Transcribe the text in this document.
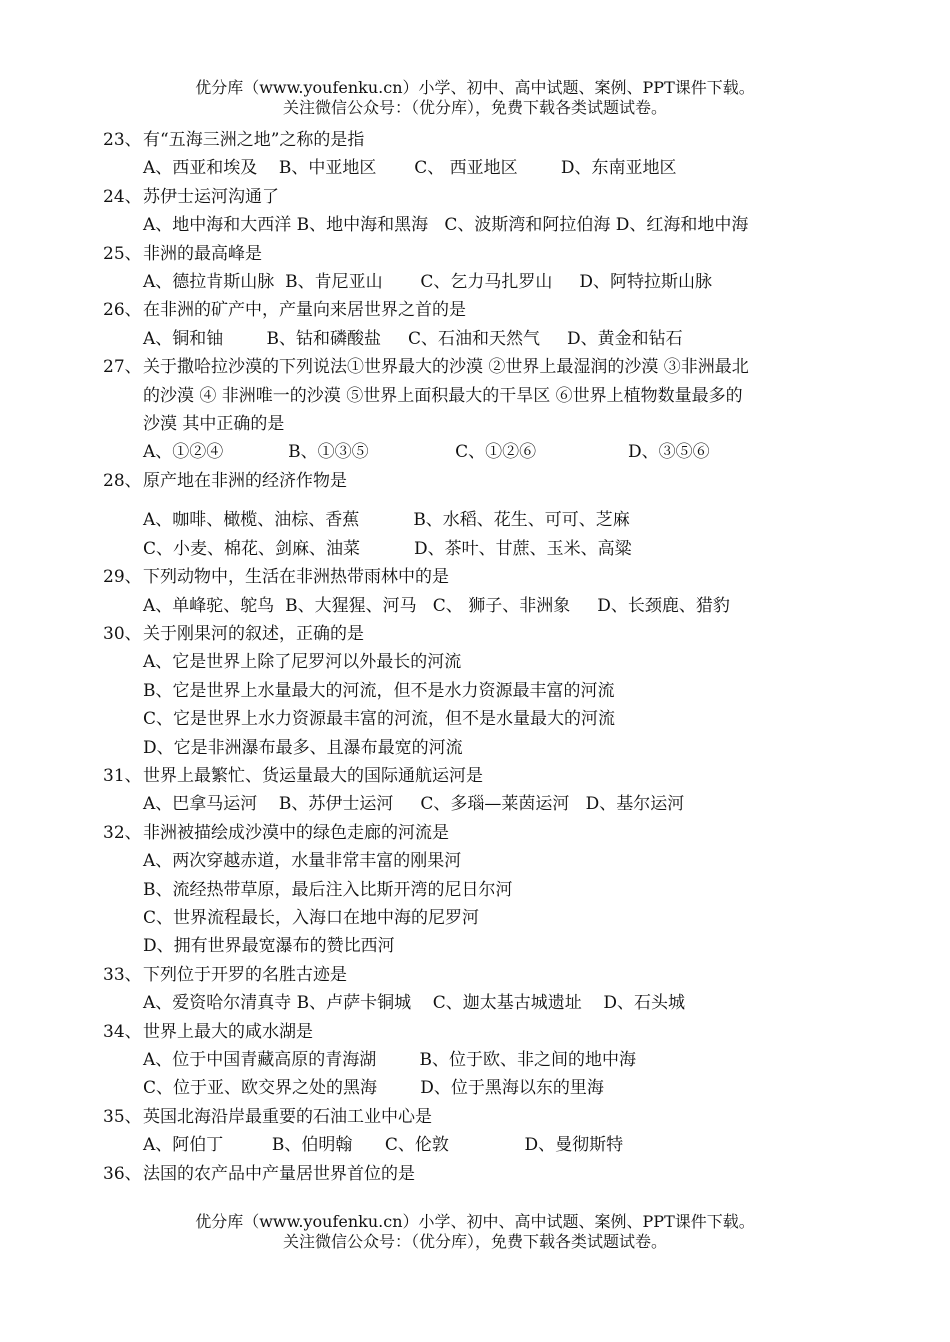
优分库（www.youfenku.cn）小学、初中、高中试题、案例、PPT课件下载。
关注微信公众号：（优分库），免费下载各类试题试卷。
23、 有“五海三洲之地”之称的是指
A、西亚和埃及    B、中亚地区       C、 西亚地区        D、东南亚地区
24、 苏伊士运河沟通了
A、地中海和大西洋 B、地中海和黑海   C、波斯湾和阿拉伯海 D、红海和地中海
25、 非洲的最高峰是
A、德拉肯斯山脉  B、肯尼亚山       C、乞力马扎罗山     D、阿特拉斯山脉
26、 在非洲的矿产中，产量向来居世界之首的是
A、铜和铀        B、钴和磷酸盐     C、石油和天然气     D、黄金和钻石
27、 关于撒哈拉沙漠的下列说法①世界最大的沙漠 ②世界上最湿润的沙漠 ③非洲最北
的沙漠 ④ 非洲唯一的沙漠 ⑤世界上面积最大的干旱区 ⑥世界上植物数量最多的
沙漠 其中正确的是
A、①②④            B、①③⑤                C、①②⑥                 D、③⑤⑥
28、 原产地在非洲的经济作物是
A、咖啡、橄榄、油棕、香蕉          B、水稻、花生、可可、芝麻
C、小麦、棉花、剑麻、油菜          D、茶叶、甘蔗、玉米、高粱
29、 下列动物中，生活在非洲热带雨林中的是
A、单峰驼、鸵鸟  B、大猩猩、河马   C、 狮子、非洲象     D、长颈鹿、猎豹
30、 关于刚果河的叙述，正确的是
A、它是世界上除了尼罗河以外最长的河流
B、它是世界上水量最大的河流，但不是水力资源最丰富的河流
C、它是世界上水力资源最丰富的河流，但不是水量最大的河流
D、它是非洲瀑布最多、且瀑布最宽的河流
31、 世界上最繁忙、货运量最大的国际通航运河是
A、巴拿马运河    B、苏伊士运河     C、多瑙—莱茵运河   D、基尔运河
32、 非洲被描绘成沙漠中的绿色走廊的河流是
A、两次穿越赤道，水量非常丰富的刚果河
B、流经热带草原，最后注入比斯开湾的尼日尔河
C、世界流程最长，入海口在地中海的尼罗河
D、拥有世界最宽瀑布的赞比西河
33、 下列位于开罗的名胜古迹是
A、爱资哈尔清真寺 B、卢萨卡铜城    C、迦太基古城遗址    D、石头城
34、 世界上最大的咸水湖是
A、位于中国青藏高原的青海湖        B、位于欧、非之间的地中海
C、位于亚、欧交界之处的黑海        D、位于黑海以东的里海
35、 英国北海沿岸最重要的石油工业中心是
A、阿伯丁         B、伯明翰      C、伦敦              D、曼彻斯特
36、 法国的农产品中产量居世界首位的是
优分库（www.youfenku.cn）小学、初中、高中试题、案例、PPT课件下载。
关注微信公众号：（优分库），免费下载各类试题试卷。
